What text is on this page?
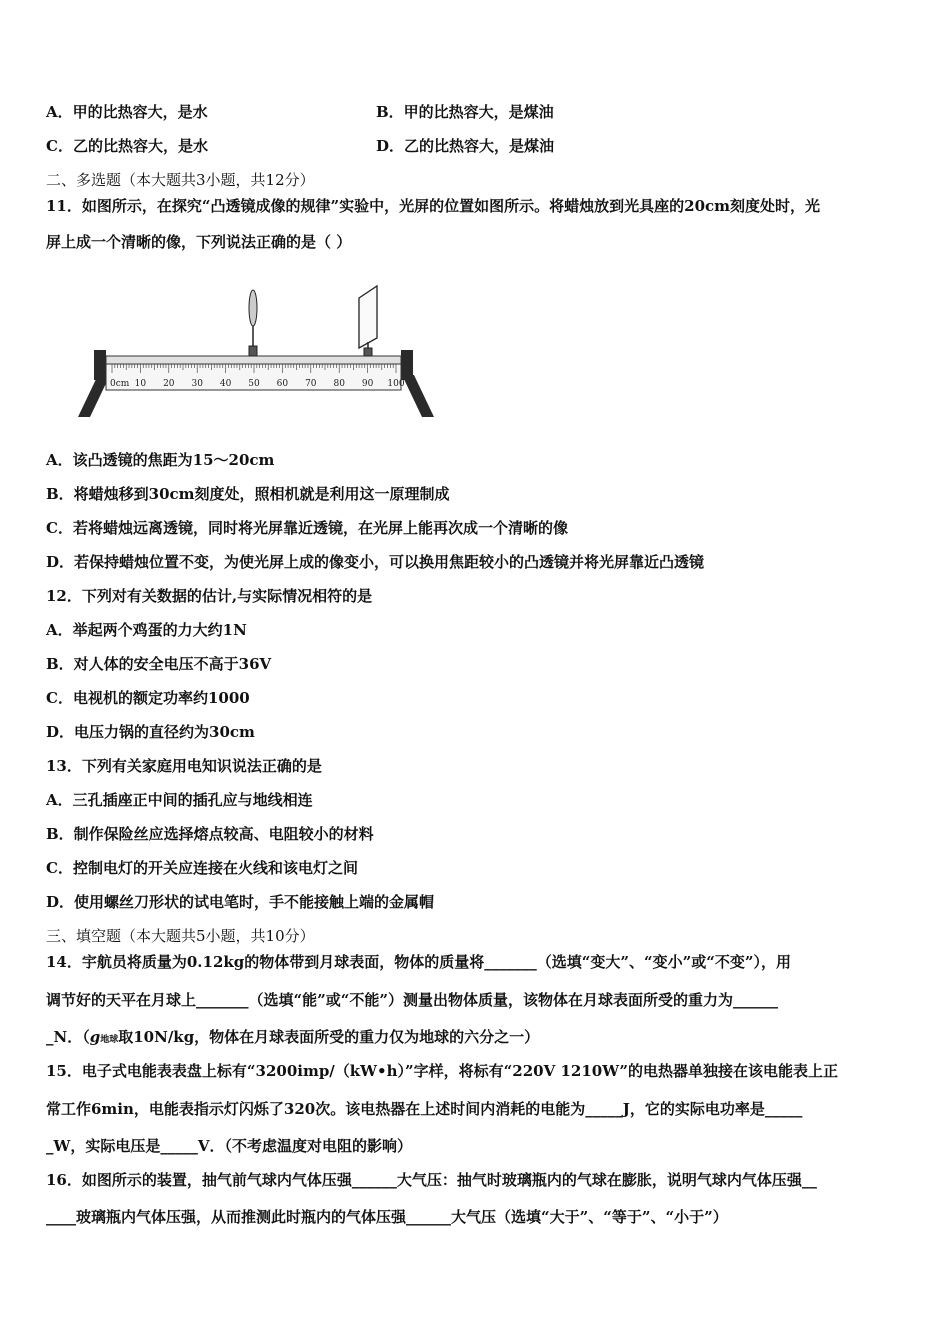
A．甲的比热容大，是水	B．甲的比热容大，是煤油
C．乙的比热容大，是水	D．乙的比热容大，是煤油
二、多选题（本大题共3小题，共12分）
11．如图所示，在探究“凸透镜成像的规律”实验中，光屏的位置如图所示。将蜡烛放到光具座的20cm刻度处时，光
屏上成一个清晰的像，下列说法正确的是（ ）
0cm 10 20 30 40 50 60 70 80 90 100
A．该凸透镜的焦距为15～20cm
B．将蜡烛移到30cm刻度处，照相机就是利用这一原理制成
C．若将蜡烛远离透镜，同时将光屏靠近透镜，在光屏上能再次成一个清晰的像
D．若保持蜡烛位置不变，为使光屏上成的像变小，可以换用焦距较小的凸透镜并将光屏靠近凸透镜
12．下列对有关数据的估计,与实际情况相符的是
A．举起两个鸡蛋的力大约1N
B．对人体的安全电压不高于36V
C．电视机的额定功率约1000
D．电压力锅的直径约为30cm
13．下列有关家庭用电知识说法正确的是
A．三孔插座正中间的插孔应与地线相连
B．制作保险丝应选择熔点较高、电阻较小的材料
C．控制电灯的开关应连接在火线和该电灯之间
D．使用螺丝刀形状的试电笔时，手不能接触上端的金属帽
三、填空题（本大题共5小题，共10分）
14．宇航员将质量为0.12kg的物体带到月球表面，物体的质量将_______（选填“变大”、“变小”或“不变”），用
调节好的天平在月球上_______（选填“能”或“不能”）测量出物体质量，该物体在月球表面所受的重力为______
_N．（g地球取10N/kg，物体在月球表面所受的重力仅为地球的六分之一）
15．电子式电能表表盘上标有“3200imp/（kW•h）”字样，将标有“220V 1210W”的电热器单独接在该电能表上正
常工作6min，电能表指示灯闪烁了320次。该电热器在上述时间内消耗的电能为_____J，它的实际电功率是_____
_W，实际电压是_____V．（不考虑温度对电阻的影响）
16．如图所示的装置，抽气前气球内气体压强______大气压：抽气时玻璃瓶内的气球在膨胀，说明气球内气体压强__
____玻璃瓶内气体压强，从而推测此时瓶内的气体压强______大气压（选填“大于”、“等于”、“小于”）
